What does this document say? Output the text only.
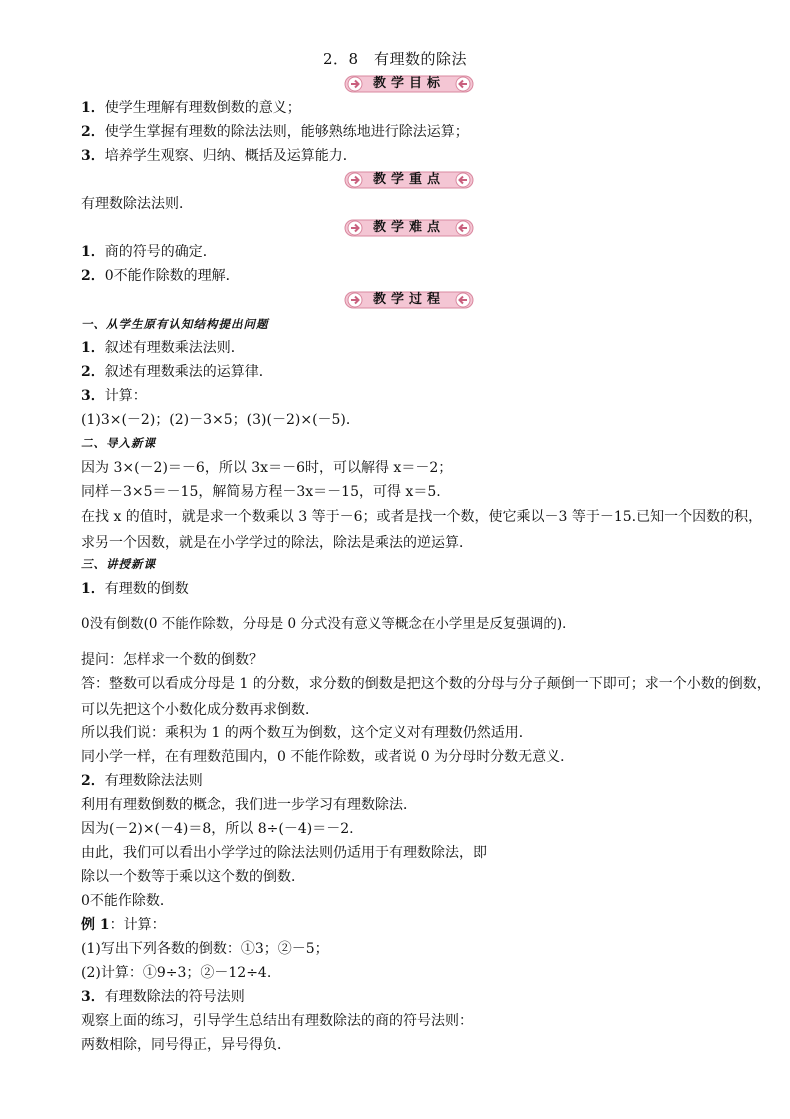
2．8　有理数的除法
教学目标
1．使学生理解有理数倒数的意义；
2．使学生掌握有理数的除法法则，能够熟练地进行除法运算；
3．培养学生观察、归纳、概括及运算能力．
教学重点
有理数除法法则．
教学难点
1．商的符号的确定．
2．0不能作除数的理解．
教学过程
一、从学生原有认知结构提出问题
1．叙述有理数乘法法则．
2．叙述有理数乘法的运算律．
3．计算：
(1)3×(－2)；(2)－3×5；(3)(－2)×(－5)．
二、导入新课
因为 3×(－2)＝－6，所以 3x＝－6时，可以解得 x＝－2；
同样－3×5＝－15，解简易方程－3x＝－15，可得 x＝5.
在找 x 的值时，就是求一个数乘以 3 等于－6；或者是找一个数，使它乘以－3 等于－15.已知一个因数的积，求另一个因数，就是在小学学过的除法，除法是乘法的逆运算．
三、讲授新课
1．有理数的倒数
0没有倒数(0 不能作除数，分母是 0 分式没有意义等概念在小学里是反复强调的)．
提问：怎样求一个数的倒数？
答：整数可以看成分母是 1 的分数，求分数的倒数是把这个数的分母与分子颠倒一下即可；求一个小数的倒数，可以先把这个小数化成分数再求倒数．
所以我们说：乘积为 1 的两个数互为倒数，这个定义对有理数仍然适用．
同小学一样，在有理数范围内，0 不能作除数，或者说 0 为分母时分数无意义．
2．有理数除法法则
利用有理数倒数的概念，我们进一步学习有理数除法．
因为(－2)×(－4)＝8，所以 8÷(－4)＝－2.
由此，我们可以看出小学学过的除法法则仍适用于有理数除法，即
除以一个数等于乘以这个数的倒数．
0不能作除数．
例 1：计算：
(1)写出下列各数的倒数：①3；②－5；
(2)计算：①9÷3；②－12÷4.
3．有理数除法的符号法则
观察上面的练习，引导学生总结出有理数除法的商的符号法则：
两数相除，同号得正，异号得负．
